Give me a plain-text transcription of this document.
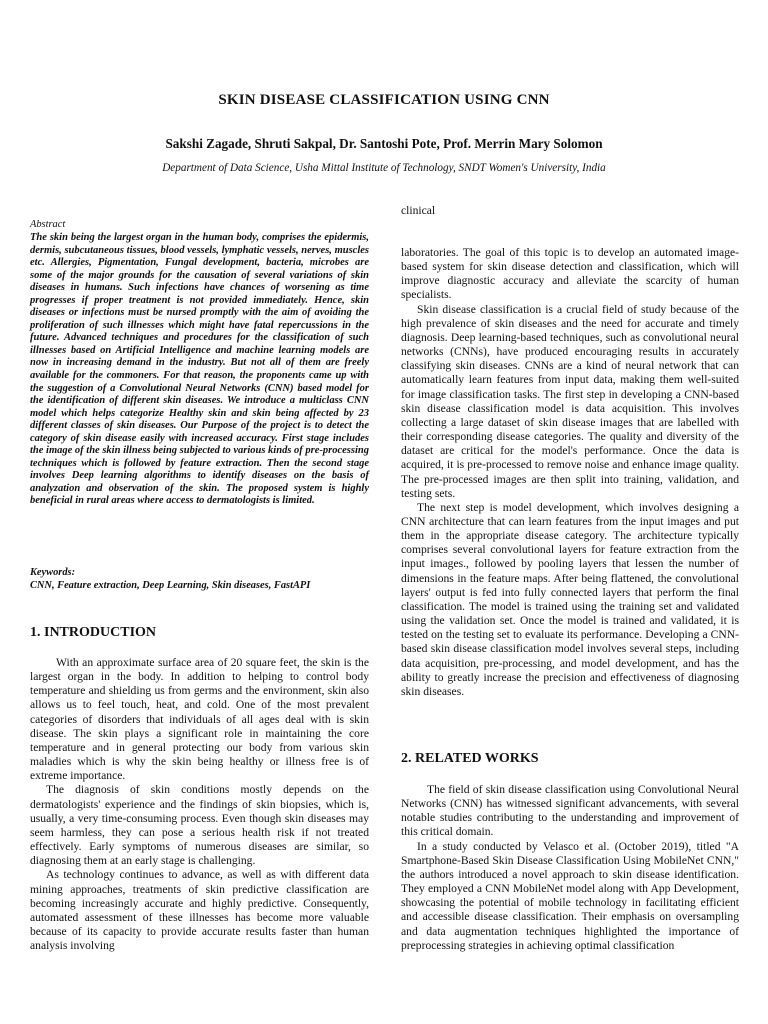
SKIN DISEASE CLASSIFICATION USING CNN
Sakshi Zagade, Shruti Sakpal, Dr. Santoshi Pote, Prof. Merrin Mary Solomon
Department of Data Science, Usha Mittal Institute of Technology, SNDT Women's University, India
Abstract

The skin being the largest organ in the human body, comprises the epidermis, dermis, subcutaneous tissues, blood vessels, lymphatic vessels, nerves, muscles etc. Allergies, Pigmentation, Fungal development, bacteria, microbes are some of the major grounds for the causation of several variations of skin diseases in humans. Such infections have chances of worsening as time progresses if proper treatment is not provided immediately. Hence, skin diseases or infections must be nursed promptly with the aim of avoiding the proliferation of such illnesses which might have fatal repercussions in the future. Advanced techniques and procedures for the classification of such illnesses based on Artificial Intelligence and machine learning models are now in increasing demand in the industry. But not all of them are freely available for the commoners. For that reason, the proponents came up with the suggestion of a Convolutional Neural Networks (CNN) based model for the identification of different skin diseases. We introduce a multiclass CNN model which helps categorize Healthy skin and skin being affected by 23 different classes of skin diseases. Our Purpose of the project is to detect the category of skin disease easily with increased accuracy. First stage includes the image of the skin illness being subjected to various kinds of pre-processing techniques which is followed by feature extraction. Then the second stage involves Deep learning algorithms to identify diseases on the basis of analyzation and observation of the skin. The proposed system is highly beneficial in rural areas where access to dermatologists is limited.

Keywords:
CNN, Feature extraction, Deep Learning, Skin diseases, FastAPI
1. INTRODUCTION

With an approximate surface area of 20 square feet, the skin is the largest organ in the body. In addition to helping to control body temperature and shielding us from germs and the environment, skin also allows us to feel touch, heat, and cold. One of the most prevalent categories of disorders that individuals of all ages deal with is skin disease. The skin plays a significant role in maintaining the core temperature and in general protecting our body from various skin maladies which is why the skin being healthy or illness free is of extreme importance.

The diagnosis of skin conditions mostly depends on the dermatologists' experience and the findings of skin biopsies, which is, usually, a very time-consuming process. Even though skin diseases may seem harmless, they can pose a serious health risk if not treated effectively. Early symptoms of numerous diseases are similar, so diagnosing them at an early stage is challenging.

As technology continues to advance, as well as with different data mining approaches, treatments of skin predictive classification are becoming increasingly accurate and highly predictive. Consequently, automated assessment of these illnesses has become more valuable because of its capacity to provide accurate results faster than human analysis involving

clinical

laboratories. The goal of this topic is to develop an automated image-based system for skin disease detection and classification, which will improve diagnostic accuracy and alleviate the scarcity of human specialists.

Skin disease classification is a crucial field of study because of the high prevalence of skin diseases and the need for accurate and timely diagnosis. Deep learning-based techniques, such as convolutional neural networks (CNNs), have produced encouraging results in accurately classifying skin diseases. CNNs are a kind of neural network that can automatically learn features from input data, making them well-suited for image classification tasks. The first step in developing a CNN-based skin disease classification model is data acquisition. This involves collecting a large dataset of skin disease images that are labelled with their corresponding disease categories. The quality and diversity of the dataset are critical for the model's performance. Once the data is acquired, it is pre-processed to remove noise and enhance image quality. The pre-processed images are then split into training, validation, and testing sets.

The next step is model development, which involves designing a CNN architecture that can learn features from the input images and put them in the appropriate disease category. The architecture typically comprises several convolutional layers for feature extraction from the input images., followed by pooling layers that lessen the number of dimensions in the feature maps. After being flattened, the convolutional layers' output is fed into fully connected layers that perform the final classification. The model is trained using the training set and validated using the validation set. Once the model is trained and validated, it is tested on the testing set to evaluate its performance. Developing a CNN-based skin disease classification model involves several steps, including data acquisition, pre-processing, and model development, and has the ability to greatly increase the precision and effectiveness of diagnosing skin diseases.

2. RELATED WORKS

The field of skin disease classification using Convolutional Neural Networks (CNN) has witnessed significant advancements, with several notable studies contributing to the understanding and improvement of this critical domain.

In a study conducted by Velasco et al. (October 2019), titled "A Smartphone-Based Skin Disease Classification Using MobileNet CNN," the authors introduced a novel approach to skin disease identification. They employed a CNN MobileNet model along with App Development, showcasing the potential of mobile technology in facilitating efficient and accessible disease classification. Their emphasis on oversampling and data augmentation techniques highlighted the importance of preprocessing strategies in achieving optimal classification
